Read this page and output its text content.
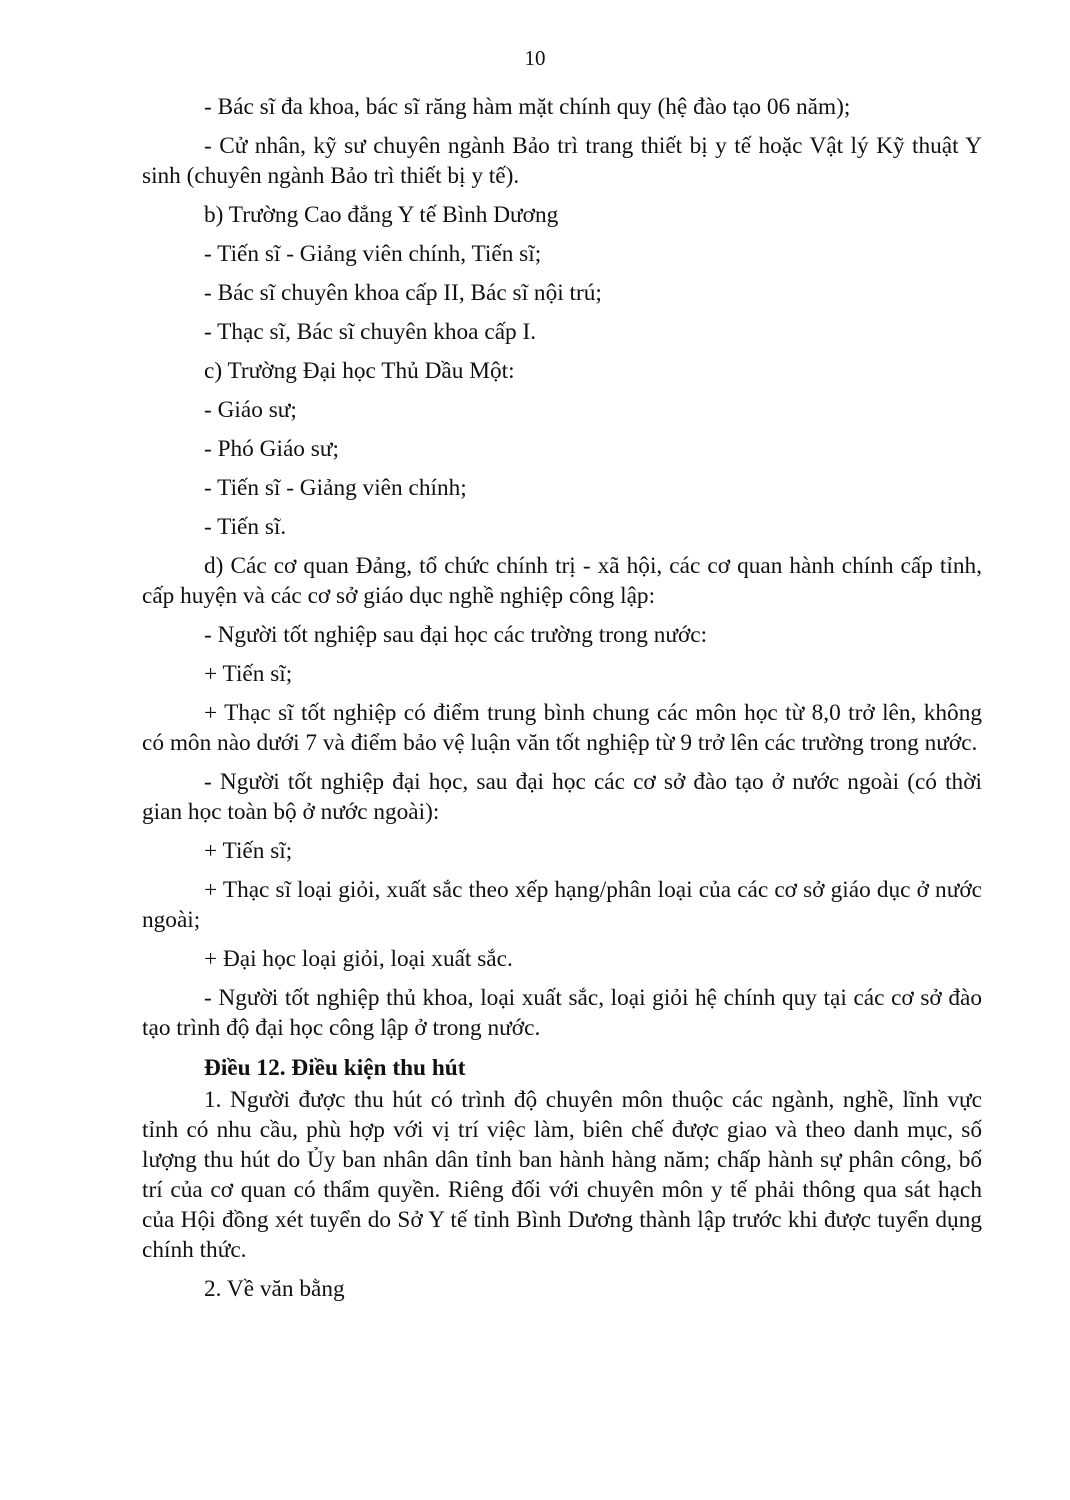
10

- Bác sĩ đa khoa, bác sĩ răng hàm mặt chính quy (hệ đào tạo 06 năm);

- Cử nhân, kỹ sư chuyên ngành Bảo trì trang thiết bị y tế hoặc Vật lý Kỹ thuật Y sinh (chuyên ngành Bảo trì thiết bị y tế).

b) Trường Cao đẳng Y tế Bình Dương

- Tiến sĩ - Giảng viên chính, Tiến sĩ;

- Bác sĩ chuyên khoa cấp II, Bác sĩ nội trú;

- Thạc sĩ, Bác sĩ chuyên khoa cấp I.

c) Trường Đại học Thủ Dầu Một:

- Giáo sư;

- Phó Giáo sư;

- Tiến sĩ - Giảng viên chính;

- Tiến sĩ.

d) Các cơ quan Đảng, tổ chức chính trị - xã hội, các cơ quan hành chính cấp tỉnh, cấp huyện và các cơ sở giáo dục nghề nghiệp công lập:

- Người tốt nghiệp sau đại học các trường trong nước:

+ Tiến sĩ;

+ Thạc sĩ tốt nghiệp có điểm trung bình chung các môn học từ 8,0 trở lên, không có môn nào dưới 7 và điểm bảo vệ luận văn tốt nghiệp từ 9 trở lên các trường trong nước.

- Người tốt nghiệp đại học, sau đại học các cơ sở đào tạo ở nước ngoài (có thời gian học toàn bộ ở nước ngoài):

+ Tiến sĩ;

+ Thạc sĩ loại giỏi, xuất sắc theo xếp hạng/phân loại của các cơ sở giáo dục ở nước ngoài;

+ Đại học loại giỏi, loại xuất sắc.

- Người tốt nghiệp thủ khoa, loại xuất sắc, loại giỏi hệ chính quy tại các cơ sở đào tạo trình độ đại học công lập ở trong nước.

Điều 12. Điều kiện thu hút

1. Người được thu hút có trình độ chuyên môn thuộc các ngành, nghề, lĩnh vực tỉnh có nhu cầu, phù hợp với vị trí việc làm, biên chế được giao và theo danh mục, số lượng thu hút do Ủy ban nhân dân tỉnh ban hành hàng năm; chấp hành sự phân công, bố trí của cơ quan có thẩm quyền. Riêng đối với chuyên môn y tế phải thông qua sát hạch của Hội đồng xét tuyển do Sở Y tế tỉnh Bình Dương thành lập trước khi được tuyển dụng chính thức.

2. Về văn bằng
